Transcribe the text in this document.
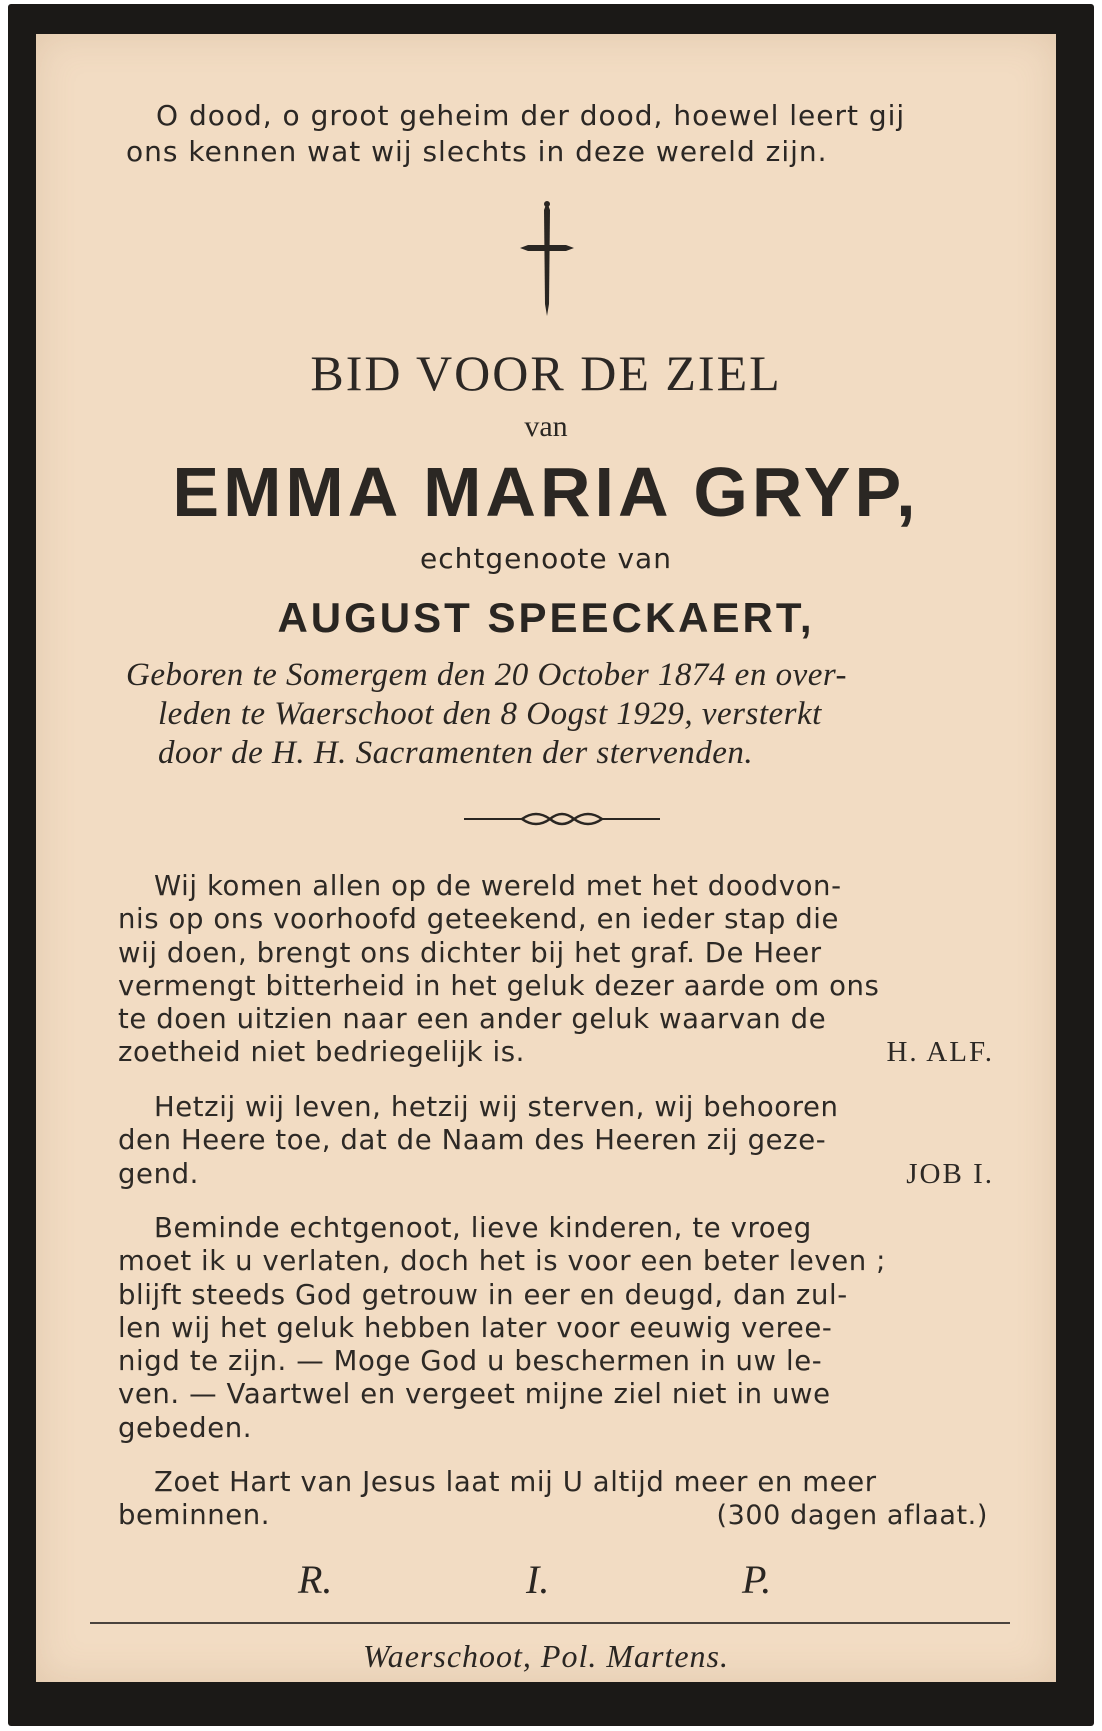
O dood, o groot geheim der dood, hoewel leert gij
ons kennen wat wij slechts in deze wereld zijn.
BID VOOR DE ZIEL
van
EMMA MARIA GRYP,
echtgenoote van
AUGUST SPEECKAERT,
Geboren te Somergem den 20 October 1874 en over-
leden te Waerschoot den 8 Oogst 1929, versterkt
door de H. H. Sacramenten der stervenden.
Wij komen allen op de wereld met het doodvon-
nis op ons voorhoofd geteekend, en ieder stap die
wij doen, brengt ons dichter bij het graf. De Heer
vermengt bitterheid in het geluk dezer aarde om ons
te doen uitzien naar een ander geluk waarvan de
zoetheid niet bedriegelijk is.	H. ALF.
Hetzij wij leven, hetzij wij sterven, wij behooren
den Heere toe, dat de Naam des Heeren zij geze-
gend.	JOB I.
Beminde echtgenoot, lieve kinderen, te vroeg
moet ik u verlaten, doch het is voor een beter leven ;
blijft steeds God getrouw in eer en deugd, dan zul-
len wij het geluk hebben later voor eeuwig veree-
nigd te zijn. — Moge God u beschermen in uw le-
ven. — Vaartwel en vergeet mijne ziel niet in uwe
gebeden.
Zoet Hart van Jesus laat mij U altijd meer en meer
beminnen.	(300 dagen aflaat.)
R.	I.	P.
Waerschoot, Pol. Martens.
